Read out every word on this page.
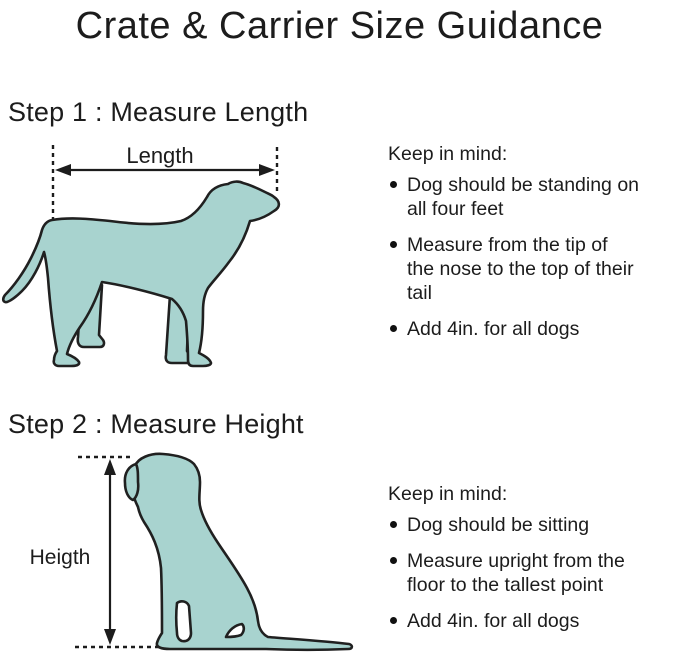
Crate & Carrier Size Guidance
Step 1 : Measure Length
Length	Keep in mind:
Dog should be standing on
all four feet
Measure from the tip of
the nose to the top of their
tail
Add 4in. for all dogs
Step 2 : Measure Height
Heigth
Keep in mind:
Dog should be sitting
Measure upright from the
floor to the tallest point
Add 4in. for all dogs
